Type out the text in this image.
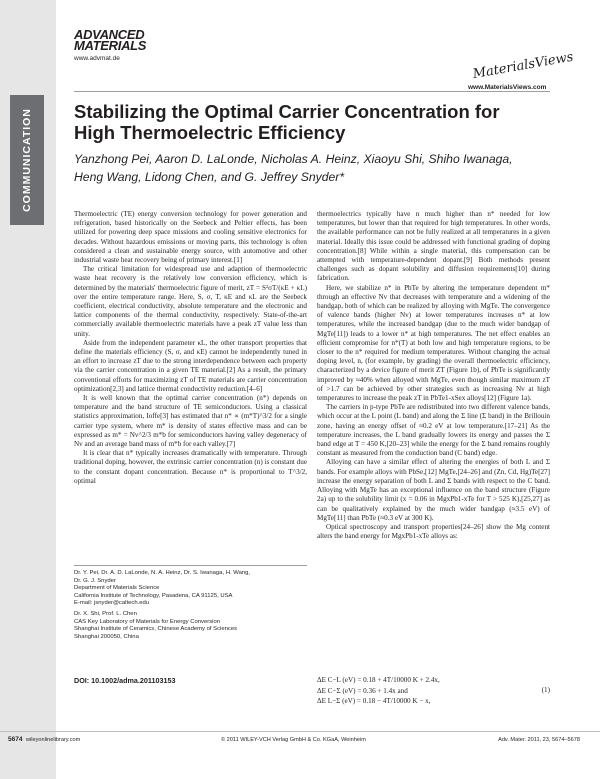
COMMUNICATION
ADVANCED
MATERIALS
www.advmat.de	MaterialsViews
www.MaterialsViews.com
Stabilizing the Optimal Carrier Concentration for High Thermoelectric Efficiency
Yanzhong Pei, Aaron D. LaLonde, Nicholas A. Heinz, Xiaoyu Shi, Shiho Iwanaga,
Heng Wang, Lidong Chen, and G. Jeffrey Snyder*

Thermoelectric (TE) energy conversion technology for power generation and refrigeration, based historically on the Seebeck and Peltier effects, has been utilized for powering deep space missions and cooling sensitive electronics for decades. Without hazardous emissions or moving parts, this technology is often considered a clean and sustainable energy source, with automotive and other industrial waste heat recovery being of primary interest.[1]

The critical limitation for widespread use and adaption of thermoelectric waste heat recovery is the relatively low conversion efficiency, which is determined by the materials' thermoelectric figure of merit, zT = S²σT/(κE + κL) over the entire temperature range. Here, S, σ, T, κE and κL are the Seebeck coefficient, electrical conductivity, absolute temperature and the electronic and lattice components of the thermal conductivity, respectively. State-of-the-art commercially available thermoelectric materials have a peak zT value less than unity.

Aside from the independent parameter κL, the other transport properties that define the materials efficiency (S, σ, and κE) cannot be independently tuned in an effort to increase zT due to the strong interdependence between each property via the carrier concentration in a given TE material.[2] As a result, the primary conventional efforts for maximizing zT of TE materials are carrier concentration optimization[2,3] and lattice thermal conductivity reduction.[4–6]

It is well known that the optimal carrier concentration (n*) depends on temperature and the band structure of TE semiconductors. Using a classical statistics approximation, Ioffe[3] has estimated that n* ∝ (m*T)^3/2 for a single carrier type system, where m* is density of states effective mass and can be expressed as m* = Nv^2/3 m*b for semiconductors having valley degeneracy of Nv and an average band mass of m*b for each valley.[7]

It is clear that n* typically increases dramatically with temperature. Through traditional doping, however, the extrinsic carrier concentration (n) is constant due to the constant dopant concentration. Because n* is proportional to T^3/2, optimal

Dr. Y. Pei, Dr. A. D. LaLonde, N. A. Heinz, Dr. S. Iwanaga, H. Wang,
Dr. G. J. Snyder
Department of Materials Science
California Institute of Technology, Pasadena, CA 91125, USA
E-mail: jsnyder@caltech.edu
Dr. X. Shi, Prof. L. Chen
CAS Key Laboratory of Materials for Energy Conversion
Shanghai Institute of Ceramics, Chinese Academy of Sciences
Shanghai 200050, China
DOI: 10.1002/adma.201103153

thermoelectrics typically have n much higher than n* needed for low temperatures, but lower than that required for high temperatures. In other words, the available performance can not be fully realized at all temperatures in a given material. Ideally this issue could be addressed with functional grading of doping concentration.[8] While within a single material, this compensation can be attempted with temperature-dependent dopant.[9] Both methods present challenges such as dopant solubility and diffusion requirements[10] during fabrication.

Here, we stabilize n* in PbTe by altering the temperature dependent m* through an effective Nv that decreases with temperature and a widening of the bandgap, both of which can be realized by alloying with MgTe. The convergence of valence bands (higher Nv) at lower temperatures increases n* at low temperatures, while the increased bandgap (due to the much wider bandgap of MgTe[11]) leads to a lower n* at high temperatures. The net effect enables an efficient compromise for n*(T) at both low and high temperature regions, to be closer to the n* required for medium temperatures. Without changing the actual doping level, n, (for example, by grading) the overall thermoelectric efficiency, characterized by a device figure of merit ZT (Figure 1b), of PbTe is significantly improved by ≈40% when alloyed with MgTe, even though similar maximum zT of >1.7 can be achieved by other strategies such as increasing Nv at high temperatures to increase the peak zT in PbTe1-xSex alloys[12] (Figure 1a).

The carriers in p-type PbTe are redistributed into two different valence bands, which occur at the L point (L band) and along the Σ line (Σ band) in the Brillouin zone, having an energy offset of ≈0.2 eV at low temperature.[17–21] As the temperature increases, the L band gradually lowers its energy and passes the Σ band edge at T = 450 K,[20–23] while the energy for the Σ band remains roughly constant as measured from the conduction band (C band) edge.

Alloying can have a similar effect of altering the energies of both L and Σ bands. For example alloys with PbSe,[12] MgTe,[24–26] and (Zn, Cd, Hg)Te[27] increase the energy separation of both L and Σ bands with respect to the C band. Alloying with MgTe has an exceptional influence on the band structure (Figure 2a) up to the solubility limit (x = 0.06 in MgxPb1-xTe for T > 525 K),[25,27] as can be qualitatively explained by the much wider bandgap (≈3.5 eV) of MgTe[11] than PbTe (≈0.3 eV at 300 K).

Optical spectroscopy and transport properties[24–26] show the Mg content alters the band energy for MgxPb1-xTe alloys as:

ΔE C−L (eV) = 0.18 + 4T/10000 K + 2.4x,
ΔE C−Σ (eV) = 0.36 + 1.4x and
ΔE L−Σ (eV) = 0.18 − 4T/10000 K − x,
(1)
5674 wileyonlinelibrary.com	© 2011 WILEY-VCH Verlag GmbH & Co. KGaA, Weinheim	Adv. Mater. 2011, 23, 5674–5678
